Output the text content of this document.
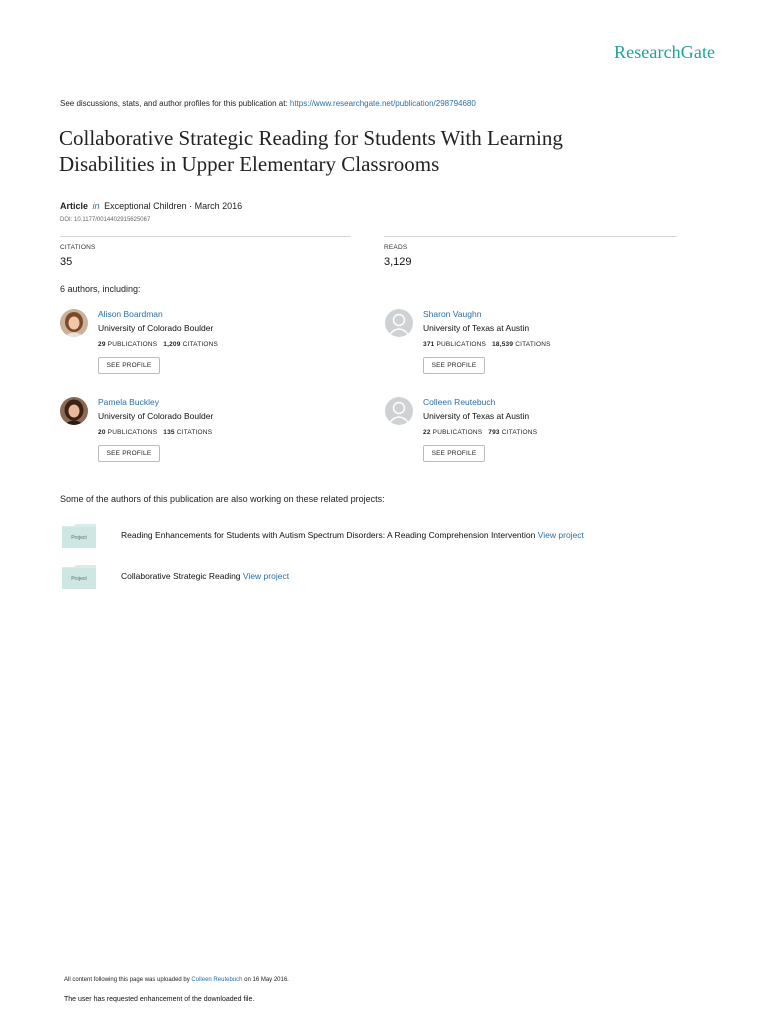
ResearchGate
See discussions, stats, and author profiles for this publication at: https://www.researchgate.net/publication/298794680
Collaborative Strategic Reading for Students With Learning
Disabilities in Upper Elementary Classrooms
Article in Exceptional Children · March 2016
DOI: 10.1177/0014402915625067
CITATIONS
35
READS
3,129
6 authors, including:
Alison Boardman
University of Colorado Boulder
29 PUBLICATIONS 1,209 CITATIONS
SEE PROFILE
Sharon Vaughn
University of Texas at Austin
371 PUBLICATIONS 18,539 CITATIONS
SEE PROFILE
Pamela Buckley
University of Colorado Boulder
20 PUBLICATIONS 135 CITATIONS
SEE PROFILE
Colleen Reutebuch
University of Texas at Austin
22 PUBLICATIONS 793 CITATIONS
SEE PROFILE
Some of the authors of this publication are also working on these related projects:
Project	Reading Enhancements for Students with Autism Spectrum Disorders: A Reading Comprehension Intervention View project
Project	Collaborative Strategic Reading View project
All content following this page was uploaded by Colleen Reutebuch on 16 May 2016.
The user has requested enhancement of the downloaded file.
